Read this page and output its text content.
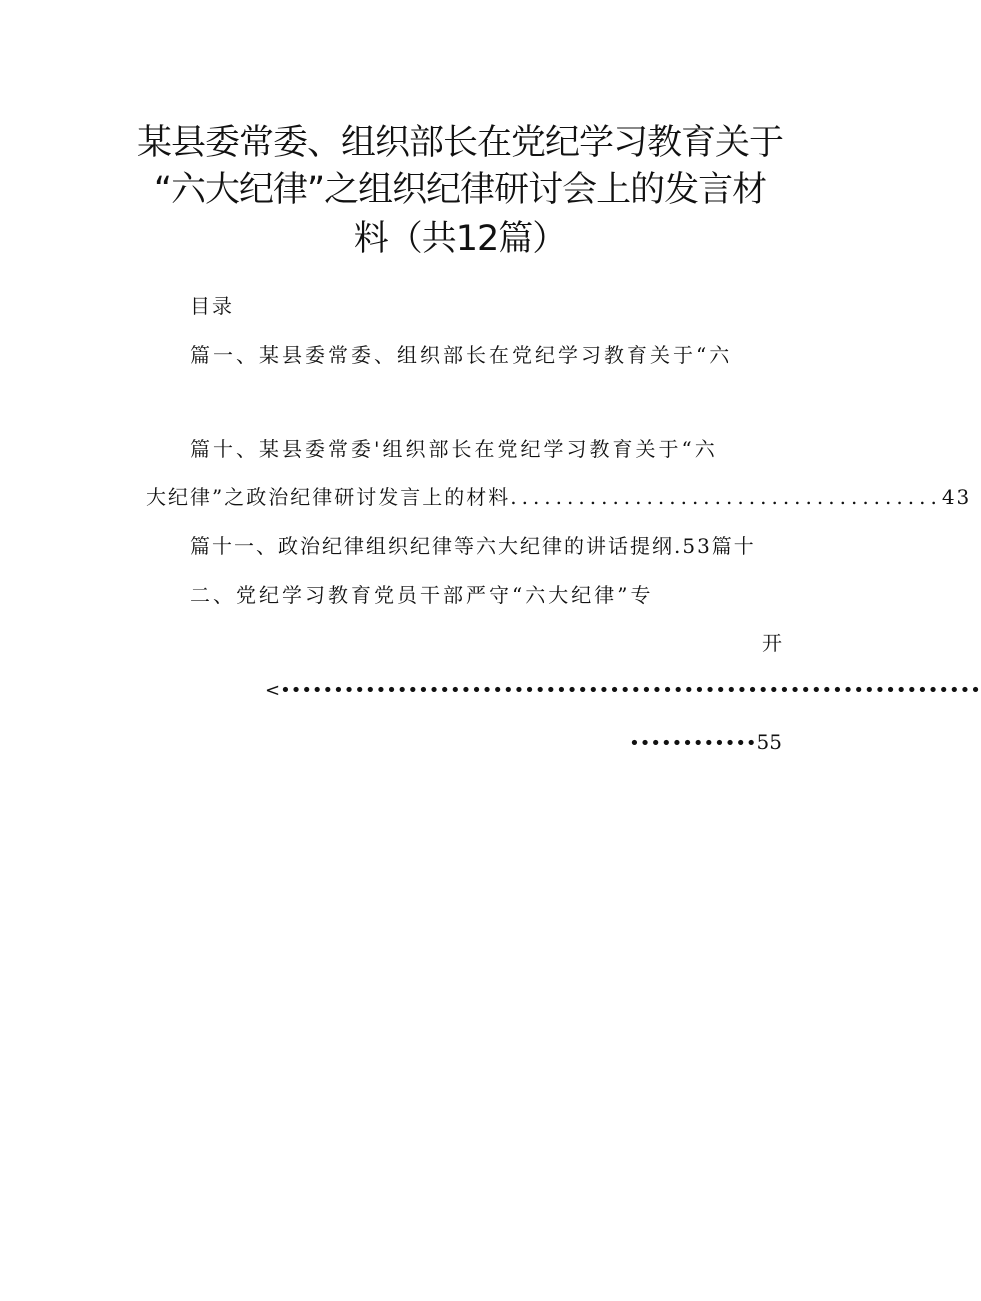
某县委常委、组织部长在党纪学习教育关于
“六大纪律”之组织纪律研讨会上的发言材
料（共12篇）
目录
篇一、某县委常委、组织部长在党纪学习教育关于“六
篇十、某县委常委'组织部长在党纪学习教育关于“六
大纪律”之政治纪律研讨发言上的材料 ...................................... 43
篇十一、政治纪律组织纪律等六大纪律的讲话提纲.53篇十
二、党纪学习教育党员干部严守“六大纪律”专
开
<••••••••••••••••••••••••••••••••••••••••••••••••••••••••••••••••••
••••••••••••55
